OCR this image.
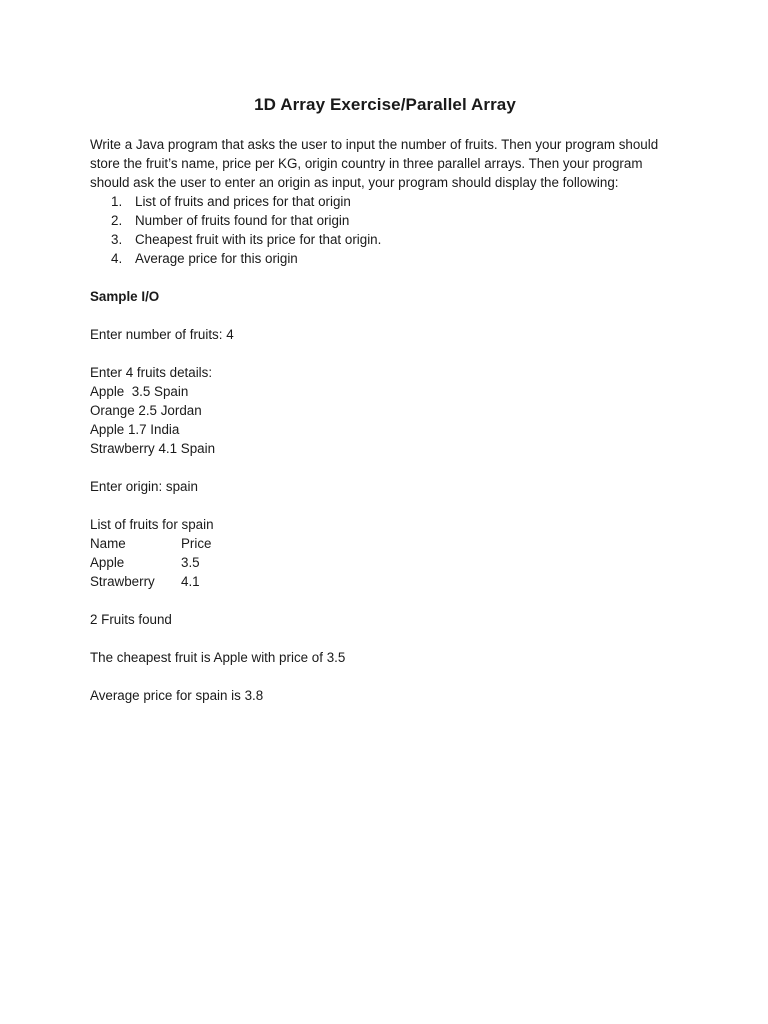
1D Array Exercise/Parallel Array

Write a Java program that asks the user to input the number of fruits. Then your program should store the fruit’s name, price per KG, origin country in three parallel arrays. Then your program should ask the user to enter an origin as input, your program should display the following:

1. List of fruits and prices for that origin
2. Number of fruits found for that origin
3. Cheapest fruit with its price for that origin.
4. Average price for this origin

Sample I/O

Enter number of fruits: 4

Enter 4 fruits details:

Apple  3.5 Spain

Orange 2.5 Jordan

Apple 1.7 India

Strawberry 4.1 Spain

Enter origin: spain

List of fruits for spain

Name	Price
Apple	3.5
Strawberry	4.1

2 Fruits found

The cheapest fruit is Apple with price of 3.5

Average price for spain is 3.8
